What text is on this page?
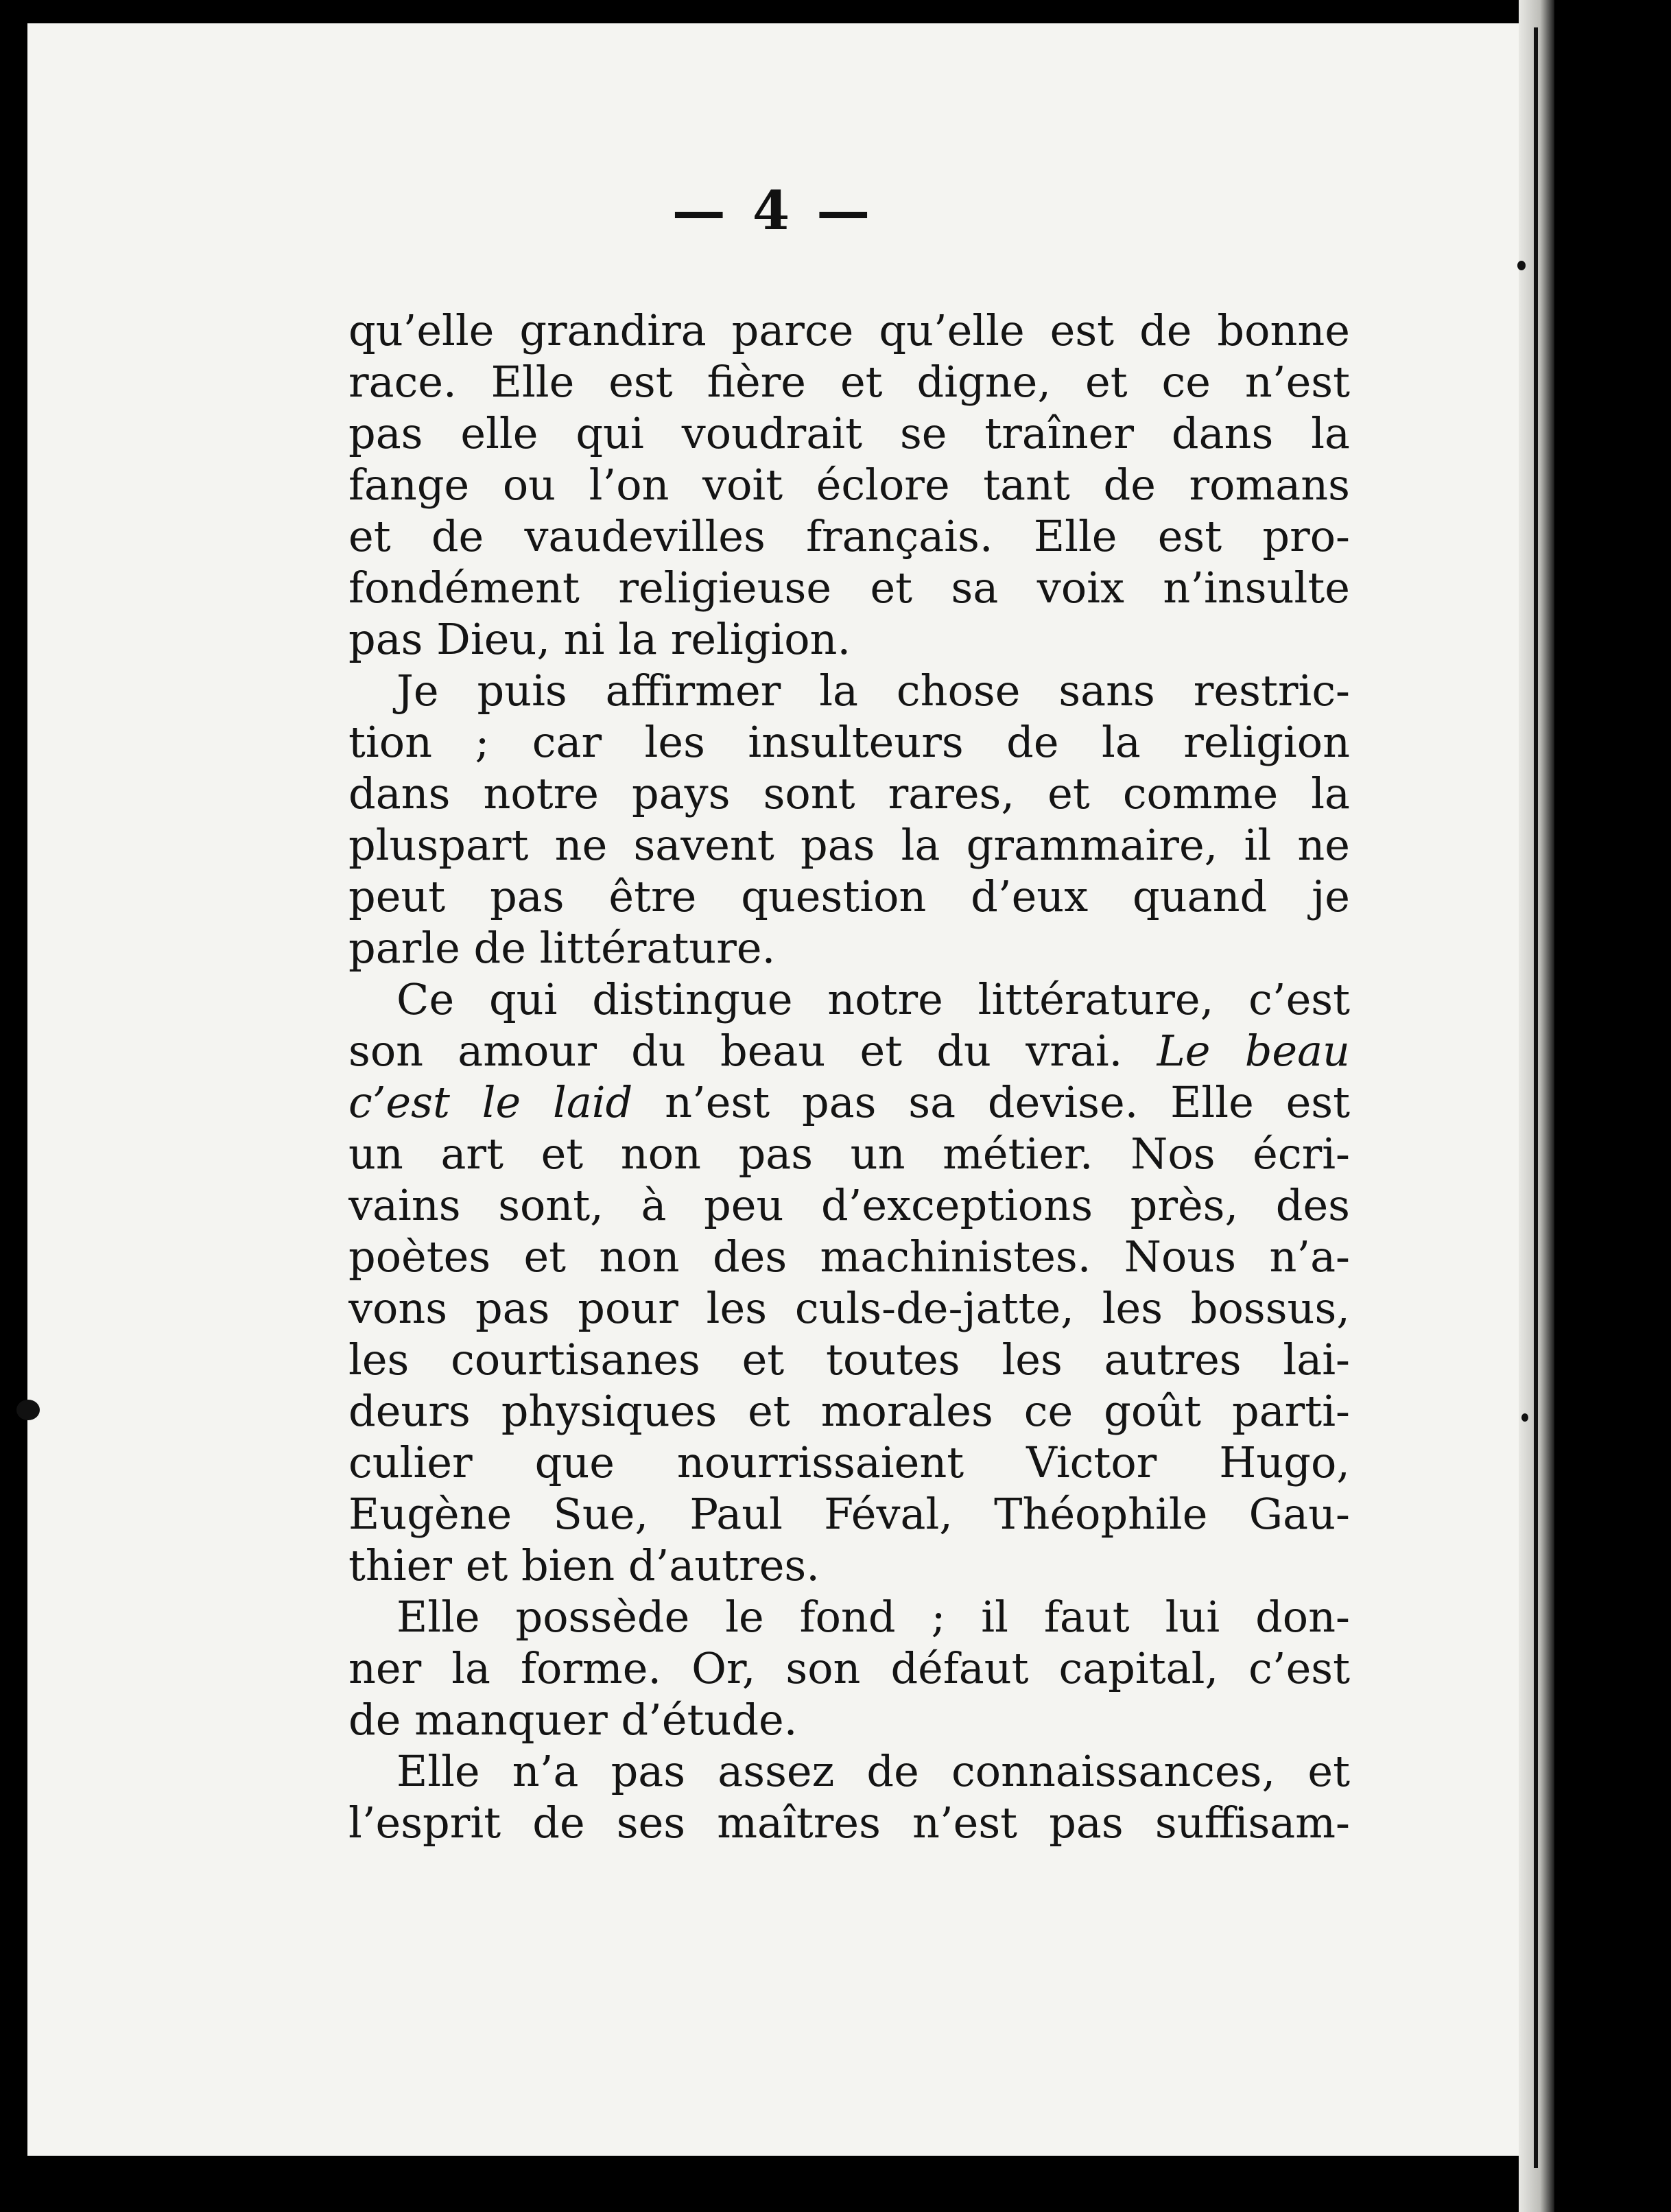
— 4 —

qu’elle grandira parce qu’elle est de bonne
race. Elle est fière et digne, et ce n’est
pas elle qui voudrait se traîner dans la
fange ou l’on voit éclore tant de romans
et de vaudevilles français. Elle est pro-
fondément religieuse et sa voix n’insulte
pas Dieu, ni la religion.
Je puis affirmer la chose sans restric-
tion ; car les insulteurs de la religion
dans notre pays sont rares, et comme la
pluspart ne savent pas la grammaire, il ne
peut pas être question d’eux quand je
parle de littérature.
Ce qui distingue notre littérature, c’est
son amour du beau et du vrai. Le beau
c’est le laid n’est pas sa devise. Elle est
un art et non pas un métier. Nos écri-
vains sont, à peu d’exceptions près, des
poètes et non des machinistes. Nous n’a-
vons pas pour les culs-de-jatte, les bossus,
les courtisanes et toutes les autres lai-
deurs physiques et morales ce goût parti-
culier que nourrissaient Victor Hugo,
Eugène Sue, Paul Féval, Théophile Gau-
thier et bien d’autres.
Elle possède le fond ; il faut lui don-
ner la forme. Or, son défaut capital, c’est
de manquer d’étude.
Elle n’a pas assez de connaissances, et
l’esprit de ses maîtres n’est pas suffisam-
